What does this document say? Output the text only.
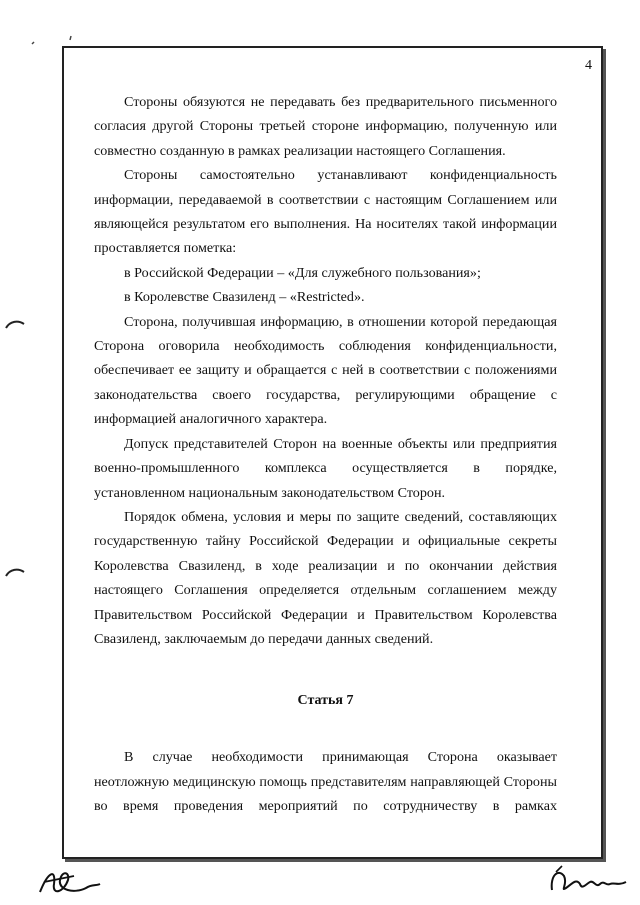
4

Стороны обязуются не передавать без предварительного письменного согласия другой Стороны третьей стороне информацию, полученную или совместно созданную в рамках реализации настоящего Соглашения.

Стороны самостоятельно устанавливают конфиденциальность информации, передаваемой в соответствии с настоящим Соглашением или являющейся результатом его выполнения. На носителях такой информации проставляется пометка:

в Российской Федерации – «Для служебного пользования»;

в Королевстве Свазиленд – «Restricted».

Сторона, получившая информацию, в отношении которой передающая Сторона оговорила необходимость соблюдения конфиденциальности, обеспечивает ее защиту и обращается с ней в соответствии с положениями законодательства своего государства, регулирующими обращение с информацией аналогичного характера.

Допуск представителей Сторон на военные объекты или предприятия военно-промышленного комплекса осуществляется в порядке, установленном национальным законодательством Сторон.

Порядок обмена, условия и меры по защите сведений, составляющих государственную тайну Российской Федерации и официальные секреты Королевства Свазиленд, в ходе реализации и по окончании действия настоящего Соглашения определяется отдельным соглашением между Правительством Российской Федерации и Правительством Королевства Свазиленд, заключаемым до передачи данных сведений.

Статья 7

В случае необходимости принимающая Сторона оказывает неотложную медицинскую помощь представителям направляющей Стороны во время проведения мероприятий по сотрудничеству в рамках
